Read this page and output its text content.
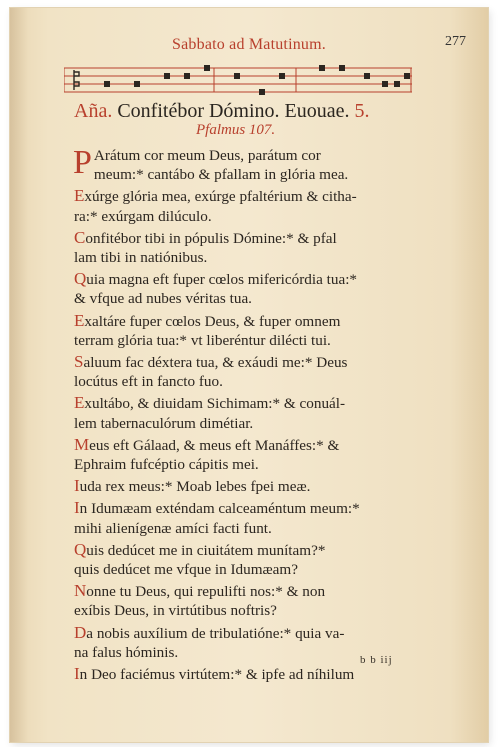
Sabbato ad Matutinum.	277
Aña. Confitébor Dómino. Euouae. 5.
Pfalmus 107.
P Arátum cor meum Deus, parátum cor
meum:* cantábo & pfallam in glória mea.
Exúrge glória mea, exúrge pfaltérium & citha-
ra:* exúrgam dilúculo.
Confitébor tibi in pópulis Dómine:* & pfal
lam tibi in natiónibus.
Quia magna eft fuper cœlos mifericórdia tua:*
& vfque ad nubes véritas tua.
Exaltáre fuper cœlos Deus, & fuper omnem
terram glória tua:* vt liberéntur dilécti tui.
Saluum fac déxtera tua, & exáudi me:* Deus
locútus eft in fancto fuo.
Exultábo, & diuidam Sichimam:* & conuál-
lem tabernaculórum dimétiar.
Meus eft Gálaad, & meus eft Manáffes:* &
Ephraim fufcéptio cápitis mei.
Iuda rex meus:* Moab lebes fpei meæ.
In Idumæam exténdam calceaméntum meum:*
mihi alienígenæ amíci facti funt.
Quis dedúcet me in ciuitátem munítam?*
quis dedúcet me vfque in Idumæam?
Nonne tu Deus, qui repulifti nos:* & non
exíbis Deus, in virtútibus noftris?
Da nobis auxílium de tribulatióne:* quia va-
na falus hóminis.
In Deo faciémus virtútem:* & ipfe ad níhilum
b b iij
